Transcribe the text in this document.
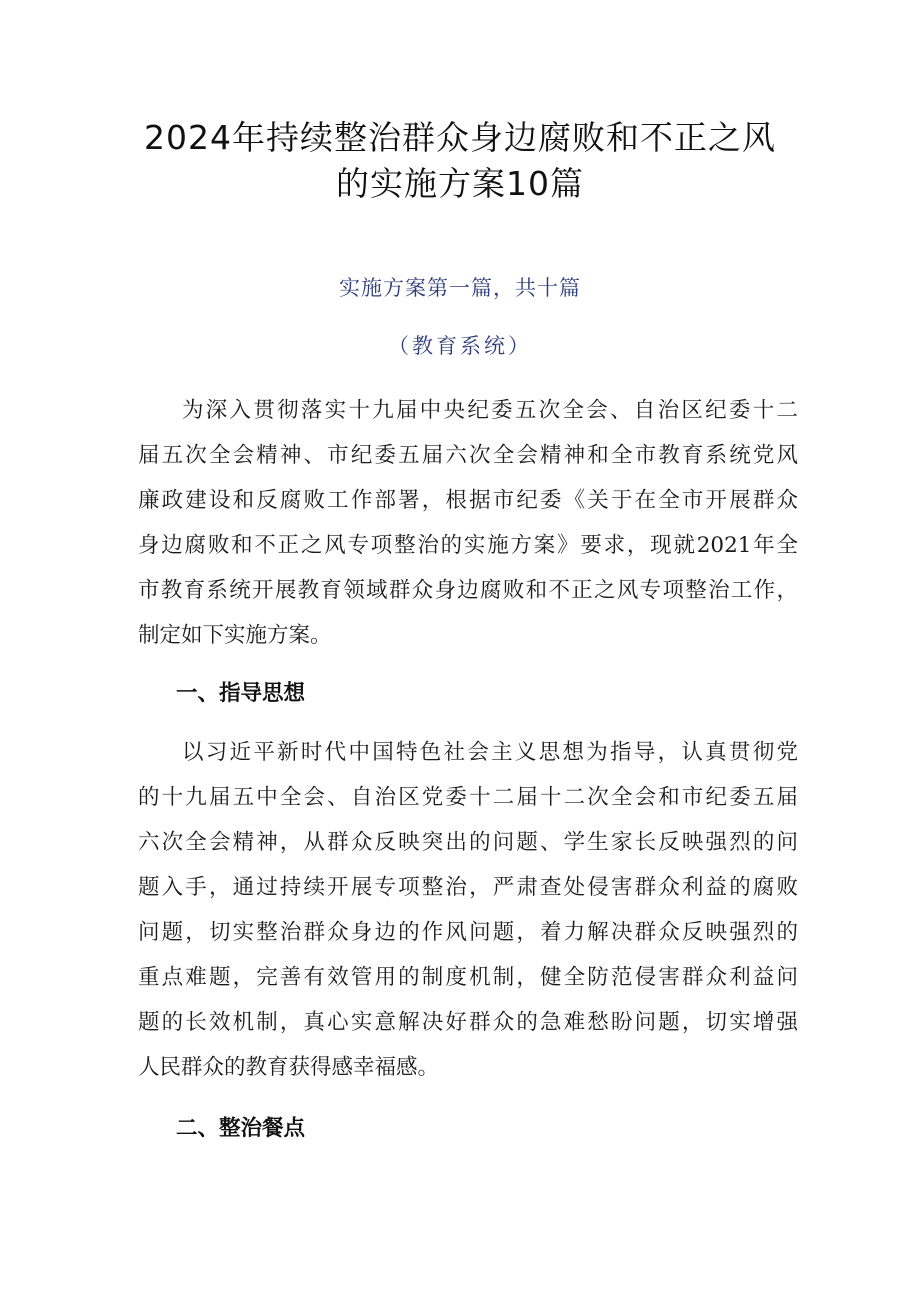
2024年持续整治群众身边腐败和不正之风
的实施方案10篇
实施方案第一篇，共十篇
（教育系统）
为深入贯彻落实十九届中央纪委五次全会、自治区纪委十二
届五次全会精神、市纪委五届六次全会精神和全市教育系统党风
廉政建设和反腐败工作部署，根据市纪委《关于在全市开展群众
身边腐败和不正之风专项整治的实施方案》要求，现就2021年全
市教育系统开展教育领域群众身边腐败和不正之风专项整治工作，
制定如下实施方案。
一、指导思想
以习近平新时代中国特色社会主义思想为指导，认真贯彻党
的十九届五中全会、自治区党委十二届十二次全会和市纪委五届
六次全会精神，从群众反映突出的问题、学生家长反映强烈的问
题入手，通过持续开展专项整治，严肃查处侵害群众利益的腐败
问题，切实整治群众身边的作风问题，着力解决群众反映强烈的
重点难题，完善有效管用的制度机制，健全防范侵害群众利益问
题的长效机制，真心实意解决好群众的急难愁盼问题，切实增强
人民群众的教育获得感幸福感。
二、整治餐点
